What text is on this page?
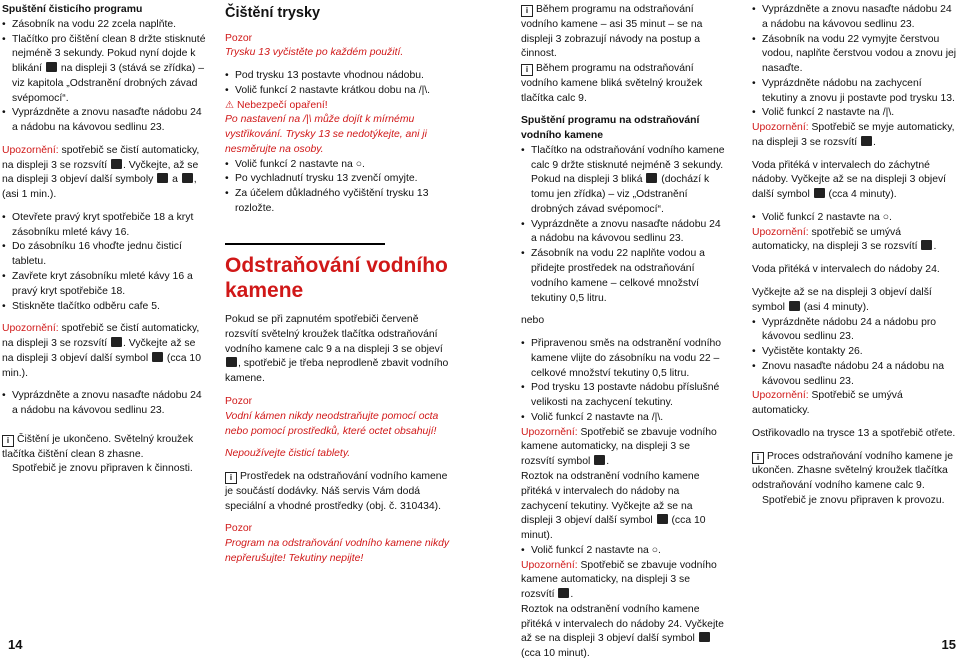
Spuštění čisticího programu

• Zásobník na vodu 22 zcela naplňte.

• Tlačítko pro čištění clean 8 držte stisknuté nejméně 3 sekundy. Pokud nyní dojde k blikání na displeji 3 (stává se zřídka) – viz kapitola „Odstranění drobných závad svépomocí“.

• Vyprázdněte a znovu nasaďte nádobu 24 a nádobu na kávovou sedlinu 23.

Upozornění: spotřebič se čistí automaticky, na displeji 3 se rozsvítí . Vyčkejte, až se na displeji 3 objeví další symboly a , (asi 1 min.).

• Otevřete pravý kryt spotřebiče 18 a kryt zásobníku mleté kávy 16.

• Do zásobníku 16 vhoďte jednu čisticí tabletu.

• Zavřete kryt zásobníku mleté kávy 16 a pravý kryt spotřebiče 18.

• Stiskněte tlačítko odběru cafe 5.

Upozornění: spotřebič se čistí automaticky, na displeji 3 se rozsvítí . Vyčkejte až se na displeji 3 objeví další symbol (cca 10 min.).

• Vyprázdněte a znovu nasaďte nádobu 24 a nádobu na kávovou sedlinu 23.

i Čištění je ukončeno. Světelný kroužek tlačítka čištění clean 8 zhasne.

Spotřebič je znovu připraven k činnosti.

Čištění trysky

Pozor

Trysku 13 vyčistěte po každém použití.

• Pod trysku 13 postavte vhodnou nádobu.

• Volič funkcí 2 nastavte krátkou dobu na /|\.

⚠ Nebezpečí opaření!

Po nastavení na /|\ může dojít k mírnému vystřikování. Trysky 13 se nedotýkejte, ani ji nesměrujte na osoby.

• Volič funkcí 2 nastavte na ○.

• Po vychladnutí trysku 13 zvenčí omyjte.

• Za účelem důkladného vyčištění trysku 13 rozložte.

Odstraňování vodního kamene

Pokud se při zapnutém spotřebiči červeně rozsvítí světelný kroužek tlačítka odstraňování vodního kamene calc 9 a na displeji 3 se objeví , spotřebič je třeba neprodleně zbavit vodního kamene.

Pozor

Vodní kámen nikdy neodstraňujte pomocí octa nebo pomocí prostředků, které octet obsahují!

Nepoužívejte čisticí tablety.

i Prostředek na odstraňování vodního kamene je součástí dodávky. Náš servis Vám dodá speciální a vhodné prostředky (obj. č. 310434).

Pozor

Program na odstraňování vodního kamene nikdy nepřerušujte! Tekutiny nepijte!

i Během programu na odstraňování vodního kamene – asi 35 minut – se na displeji 3 zobrazují návody na postup a činnost.

i Během programu na odstraňování vodního kamene bliká světelný kroužek tlačítka calc 9.

Spuštění programu na odstraňování vodního kamene

• Tlačítko na odstraňování vodního kamene calc 9 držte stisknuté nejméně 3 sekundy. Pokud na displeji 3 bliká (dochází k tomu jen zřídka) – viz „Odstranění drobných závad svépomocí“.

• Vyprázdněte a znovu nasaďte nádobu 24 a nádobu na kávovou sedlinu 23.

• Zásobník na vodu 22 naplňte vodou a přidejte prostředek na odstraňování vodního kamene – celkové množství tekutiny 0,5 litru.

nebo

• Připravenou směs na odstranění vodního kamene vlijte do zásobníku na vodu 22 – celkové množství tekutiny 0,5 litru.

• Pod trysku 13 postavte nádobu příslušné velikosti na zachycení tekutiny.

• Volič funkcí 2 nastavte na /|\.

Upozornění: Spotřebič se zbavuje vodního kamene automaticky, na displeji 3 se rozsvítí symbol .

Roztok na odstranění vodního kamene přitéká v intervalech do nádoby na zachycení tekutiny. Vyčkejte až se na displeji 3 objeví další symbol (cca 10 minut).

• Volič funkcí 2 nastavte na ○.

Upozornění: Spotřebič se zbavuje vodního kamene automaticky, na displeji 3 se rozsvítí .

Roztok na odstranění vodního kamene přitéká v intervalech do nádoby 24. Vyčkejte až se na displeji 3 objeví další symbol  (cca 10 minut).

• Vyprázdněte a znovu nasaďte nádobu 24 a nádobu na kávovou sedlinu 23.

• Zásobník na vodu 22 vymyjte čerstvou vodou, naplňte čerstvou vodou a znovu jej nasaďte.

• Vyprázdněte nádobu na zachycení tekutiny a znovu ji postavte pod trysku 13.

• Volič funkcí 2 nastavte na /|\.

Upozornění: Spotřebič se myje automaticky, na displeji 3 se rozsvítí .

Voda přitéká v intervalech do záchytné nádoby. Vyčkejte až se na displeji 3 objeví další symbol (cca 4 minuty).

• Volič funkcí 2 nastavte na ○.

Upozornění: spotřebič se umývá automaticky, na displeji 3 se rozsvítí .

Voda přitéká v intervalech do nádoby 24.

Vyčkejte až se na displeji 3 objeví další symbol (asi 4 minuty).

• Vyprázdněte nádobu 24 a nádobu pro kávovou sedlinu 23.

• Vyčistěte kontakty 26.

• Znovu nasaďte nádobu 24 a nádobu na kávovou sedlinu 23.

Upozornění: Spotřebič se umývá automaticky.

Ostřikovadlo na trysce 13 a spotřebič otřete.

i Proces odstraňování vodního kamene je ukončen. Zhasne světelný kroužek tlačítka odstraňování vodního kamene calc 9.

Spotřebič je znovu připraven k provozu.

14	15
